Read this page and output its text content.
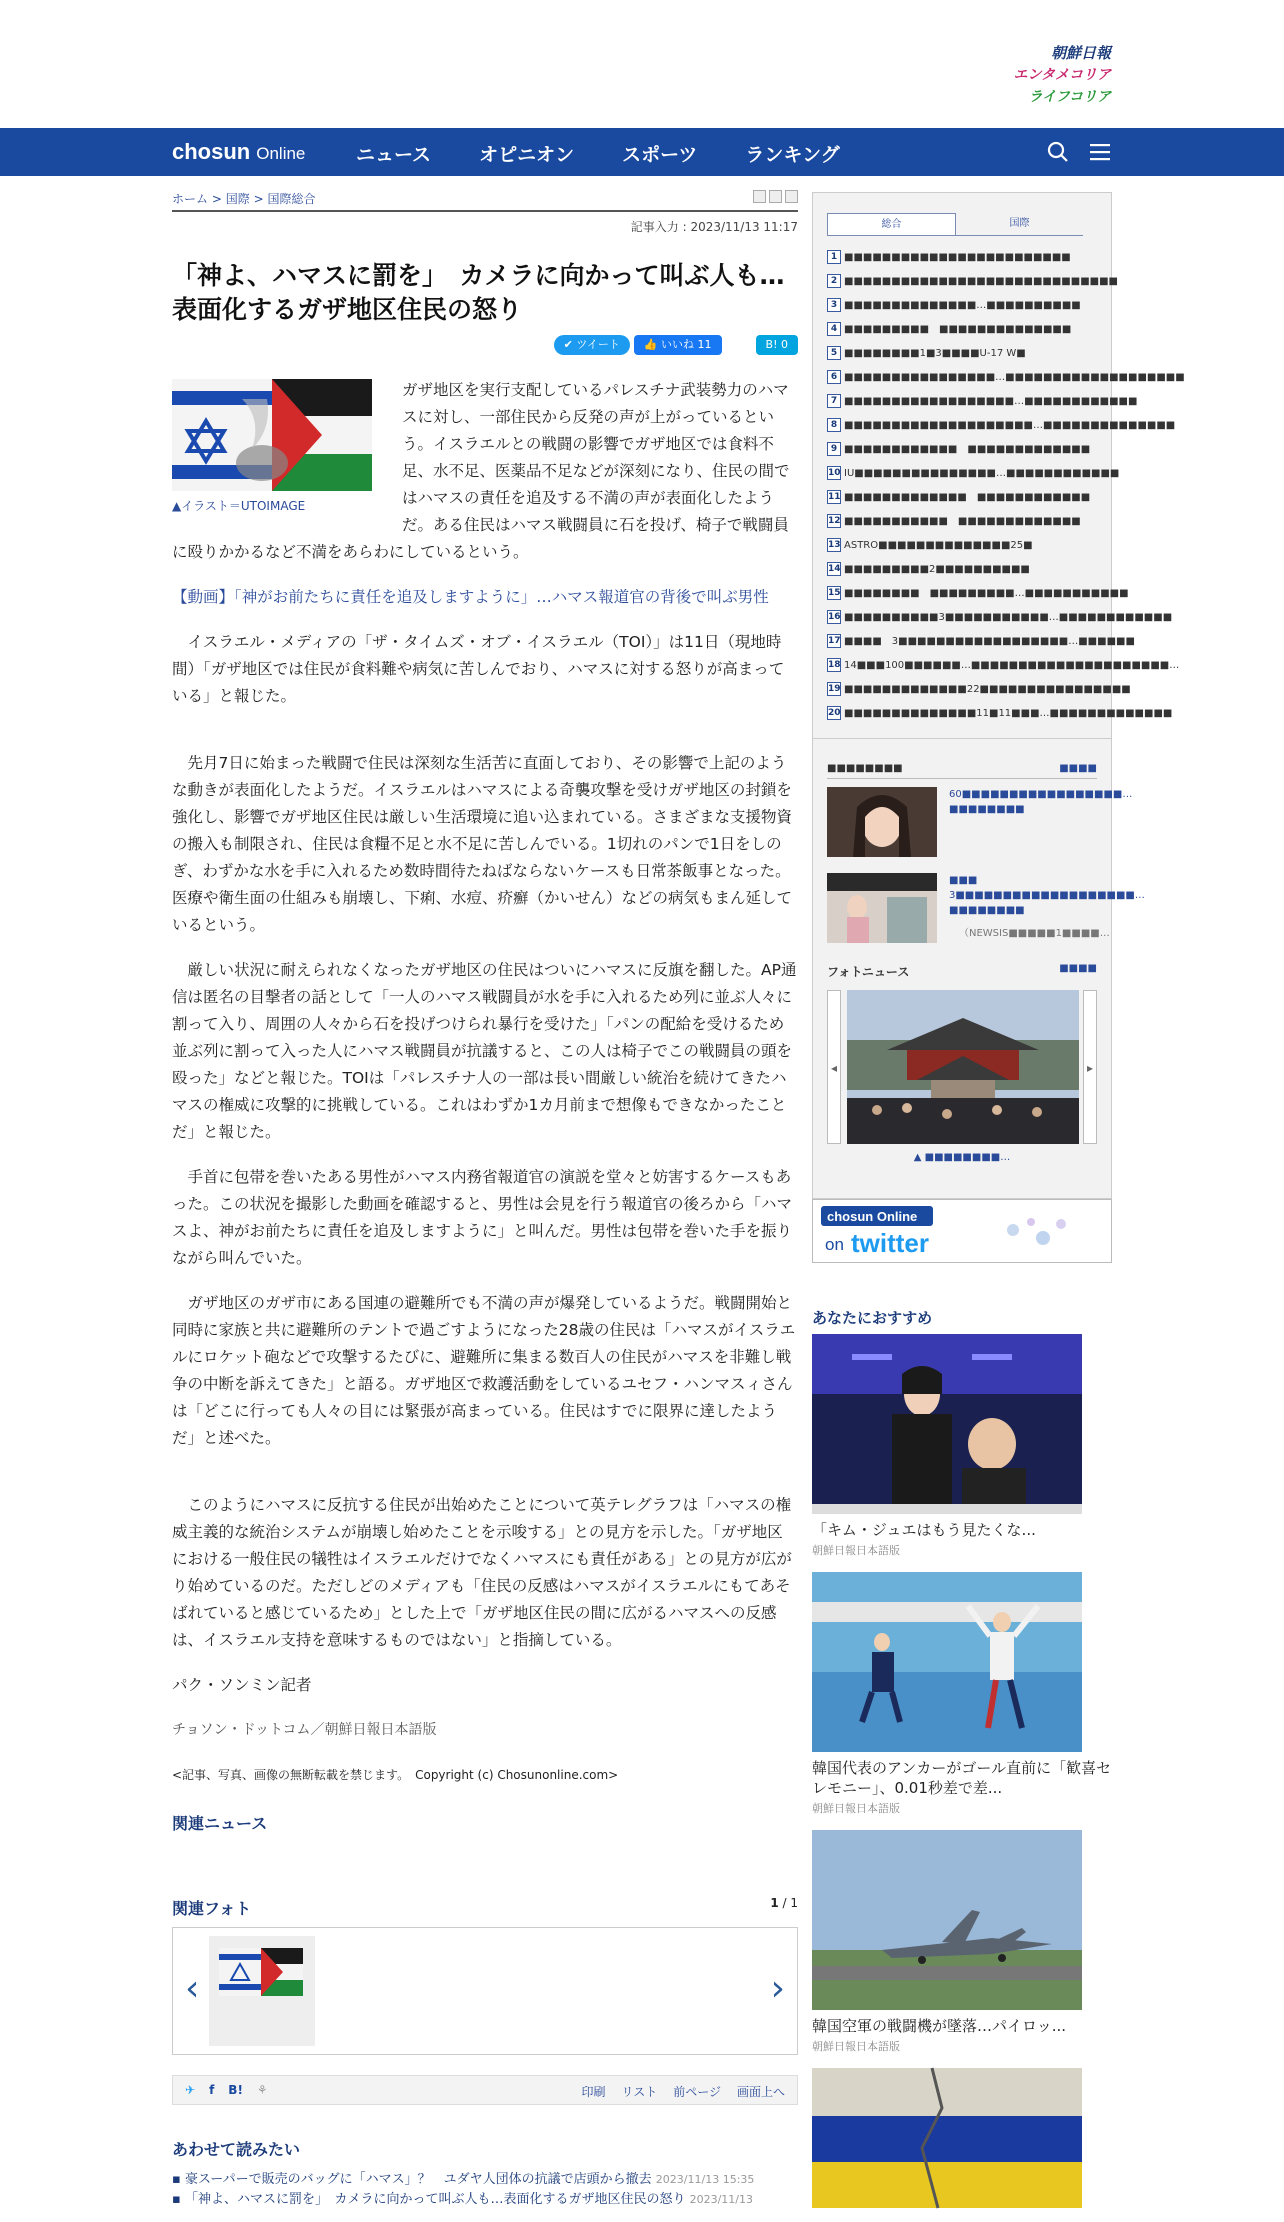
朝鮮日報
エンタメコリア
ライフコリア
chosun Online	ニュース	オピニオン	スポーツ	ランキング
ホーム > 国際 > 国際総合
記事入力 : 2023/11/13 11:17
「神よ、ハマスに罰を」　カメラに向かって叫ぶ人も…表面化するガザ地区住民の怒り
✔ ツイート	👍 いいね 11	B! 0
▲イラスト＝UTOIMAGE

ガザ地区を実行支配しているパレスチナ武装勢力のハマスに対し、一部住民から反発の声が上がっているという。イスラエルとの戦闘の影響でガザ地区では食料不足、水不足、医薬品不足などが深刻になり、住民の間ではハマスの責任を追及する不満の声が表面化したようだ。ある住民はハマス戦闘員に石を投げ、椅子で戦闘員に殴りかかるなど不満をあらわにしているという。

【動画】「神がお前たちに責任を追及しますように」…ハマス報道官の背後で叫ぶ男性

イスラエル・メディアの「ザ・タイムズ・オブ・イスラエル（TOI）」は11日（現地時間）「ガザ地区では住民が食料難や病気に苦しんでおり、ハマスに対する怒りが高まっている」と報じた。

先月7日に始まった戦闘で住民は深刻な生活苦に直面しており、その影響で上記のような動きが表面化したようだ。イスラエルはハマスによる奇襲攻撃を受けガザ地区の封鎖を強化し、影響でガザ地区住民は厳しい生活環境に追い込まれている。さまざまな支援物資の搬入も制限され、住民は食糧不足と水不足に苦しんでいる。1切れのパンで1日をしのぎ、わずかな水を手に入れるため数時間待たねばならないケースも日常茶飯事となった。医療や衛生面の仕組みも崩壊し、下痢、水痘、疥癬（かいせん）などの病気もまん延しているという。

厳しい状況に耐えられなくなったガザ地区の住民はついにハマスに反旗を翻した。AP通信は匿名の目撃者の話として「一人のハマス戦闘員が水を手に入れるため列に並ぶ人々に割って入り、周囲の人々から石を投げつけられ暴行を受けた」「パンの配給を受けるため並ぶ列に割って入った人にハマス戦闘員が抗議すると、この人は椅子でこの戦闘員の頭を殴った」などと報じた。TOIは「パレスチナ人の一部は長い間厳しい統治を続けてきたハマスの権威に攻撃的に挑戦している。これはわずか1カ月前まで想像もできなかったことだ」と報じた。

手首に包帯を巻いたある男性がハマス内務省報道官の演説を堂々と妨害するケースもあった。この状況を撮影した動画を確認すると、男性は会見を行う報道官の後ろから「ハマスよ、神がお前たちに責任を追及しますように」と叫んだ。男性は包帯を巻いた手を振りながら叫んでいた。

ガザ地区のガザ市にある国連の避難所でも不満の声が爆発しているようだ。戦闘開始と同時に家族と共に避難所のテントで過ごすようになった28歳の住民は「ハマスがイスラエルにロケット砲などで攻撃するたびに、避難所に集まる数百人の住民がハマスを非難し戦争の中断を訴えてきた」と語る。ガザ地区で救護活動をしているユセフ・ハンマスィさんは「どこに行っても人々の目には緊張が高まっている。住民はすでに限界に達したようだ」と述べた。

このようにハマスに反抗する住民が出始めたことについて英テレグラフは「ハマスの権威主義的な統治システムが崩壊し始めたことを示唆する」との見方を示した。「ガザ地区における一般住民の犠牲はイスラエルだけでなくハマスにも責任がある」との見方が広がり始めているのだ。ただしどのメディアも「住民の反感はハマスがイスラエルにもてあそばれていると感じているため」とした上で「ガザ地区住民の間に広がるハマスへの反感は、イスラエル支持を意味するものではない」と指摘している。

パク・ソンミン記者

チョソン・ドットコム／朝鮮日報日本語版

<記事、写真、画像の無断転載を禁じます。　Copyright (c) Chosunonline.com>

関連ニュース
関連フォト	1 / 1
‹	›
✈ f B! ⚘	印刷 リスト 前ページ 画面上へ
あわせて読みたい
▪ 豪スーパーで販売のバッグに「ハマス」？　ユダヤ人団体の抗議で店頭から撤去 2023/11/13 15:35
▪ 「神よ、ハマスに罰を」　カメラに向かって叫ぶ人も…表面化するガザ地区住民の怒り 2023/11/13
総合	国際
1 ■■■■■■■■■■■■■■■■■■■■■■■■
2 ■■■■■■■■■■■■■■■■■■■■■■■■■■■■■
3 ■■■■■■■■■■■■■■…■■■■■■■■■■
4 ■■■■■■■■■　■■■■■■■■■■■■■■
5 ■■■■■■■■1■3■■■■U-17 W■
6 ■■■■■■■■■■■■■■■■…■■■■■■■■■■■■■■■■■■■
7 ■■■■■■■■■■■■■■■■■■…■■■■■■■■■■■■
8 ■■■■■■■■■■■■■■■■■■■■…■■■■■■■■■■■■■■
9 ■■■■■■■■■■■■　■■■■■■■■■■■■■
10 IU■■■■■■■■■■■■■■■…■■■■■■■■■■■■
11 ■■■■■■■■■■■■■　■■■■■■■■■■■■
12 ■■■■■■■■■■■　■■■■■■■■■■■■■
13 ASTRO■■■■■■■■■■■■■■25■
14 ■■■■■■■■■2■■■■■■■■■■
15 ■■■■■■■■　■■■■■■■■■…■■■■■■■■■■■
16 ■■■■■■■■■■3■■■■■■■■■■■…■■■■■■■■■■■■
17 ■■■■　3■■■■■■■■■■■■■■■■■■…■■■■■■
18 14■■■100■■■■■■…■■■■■■■■■■■■■■■■■■■■■…
19 ■■■■■■■■■■■■■22■■■■■■■■■■■■■■■■
20 ■■■■■■■■■■■■■■11■11■■■…■■■■■■■■■■■■■
■■■■■■■■	■■■■
60■■■■■■■■■■■■■■■■■…■■■■■■■■
■■■　3■■■■■■■■■■■■■■■■■■■…■■■■■■■■
（NEWSIS■■■■■1■■■■…
フォトニュース	■■■■
◂	▸
▲ ■■■■■■■■…
chosun Online
on twitter
あなたにおすすめ
「キム・ジュエはもう見たくな...
朝鮮日報日本語版
韓国代表のアンカーがゴール直前に「歓喜セレモニー」、0.01秒差で差...
朝鮮日報日本語版
韓国空軍の戦闘機が墜落…パイロッ...
朝鮮日報日本語版
